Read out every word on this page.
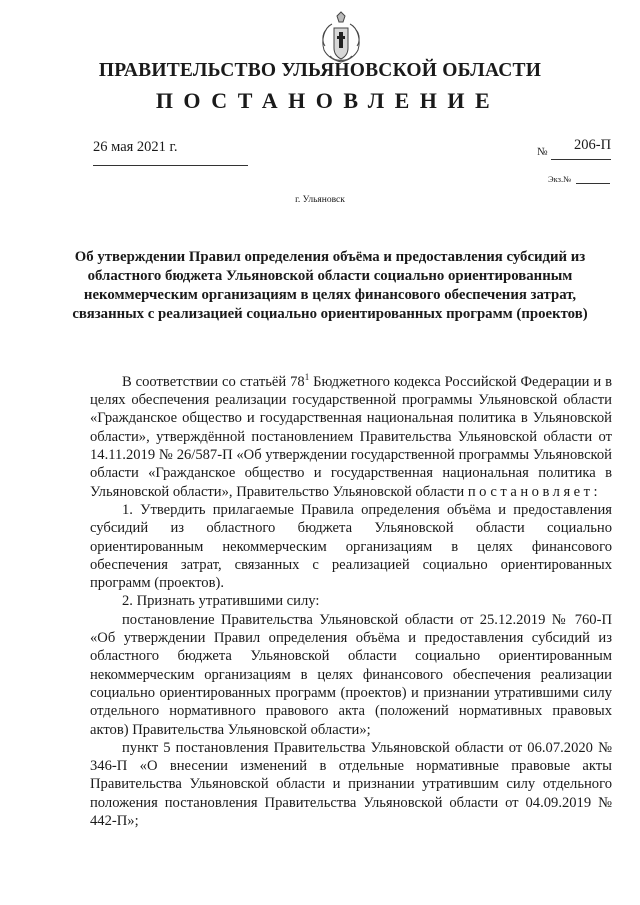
ПРАВИТЕЛЬСТВО УЛЬЯНОВСКОЙ ОБЛАСТИ
ПОСТАНОВЛЕНИЕ
26 мая 2021 г.	№ 206-П
Экз.№
г. Ульяновск

Об утверждении Правил определения объёма и предоставления субсидий из областного бюджета Ульяновской области социально ориентированным некоммерческим организациям в целях финансового обеспечения затрат, связанных с реализацией социально ориентированных программ (проектов)

В соответствии со статьёй $78^1$ Бюджетного кодекса Российской Федерации и в целях обеспечения реализации государственной программы Ульяновской области «Гражданское общество и государственная национальная политика в Ульяновской области», утверждённой постановлением Правительства Ульяновской области от 14.11.2019 № 26/587-П «Об утверждении государственной программы Ульяновской области «Гражданское общество и государственная национальная политика в Ульяновской области», Правительство Ульяновской области постановляет:

1. Утвердить прилагаемые Правила определения объёма и предоставления субсидий из областного бюджета Ульяновской области социально ориентированным некоммерческим организациям в целях финансового обеспечения затрат, связанных с реализацией социально ориентированных программ (проектов).

2. Признать утратившими силу:

постановление Правительства Ульяновской области от 25.12.2019 № 760-П «Об утверждении Правил определения объёма и предоставления субсидий из областного бюджета Ульяновской области социально ориентированным некоммерческим организациям в целях финансового обеспечения реализации социально ориентированных программ (проектов) и признании утратившими силу отдельного нормативного правового акта (положений нормативных правовых актов) Правительства Ульяновской области»;

пункт 5 постановления Правительства Ульяновской области от 06.07.2020 № 346-П «О внесении изменений в отдельные нормативные правовые акты Правительства Ульяновской области и признании утратившим силу отдельного положения постановления Правительства Ульяновской области от 04.09.2019 № 442-П»;
